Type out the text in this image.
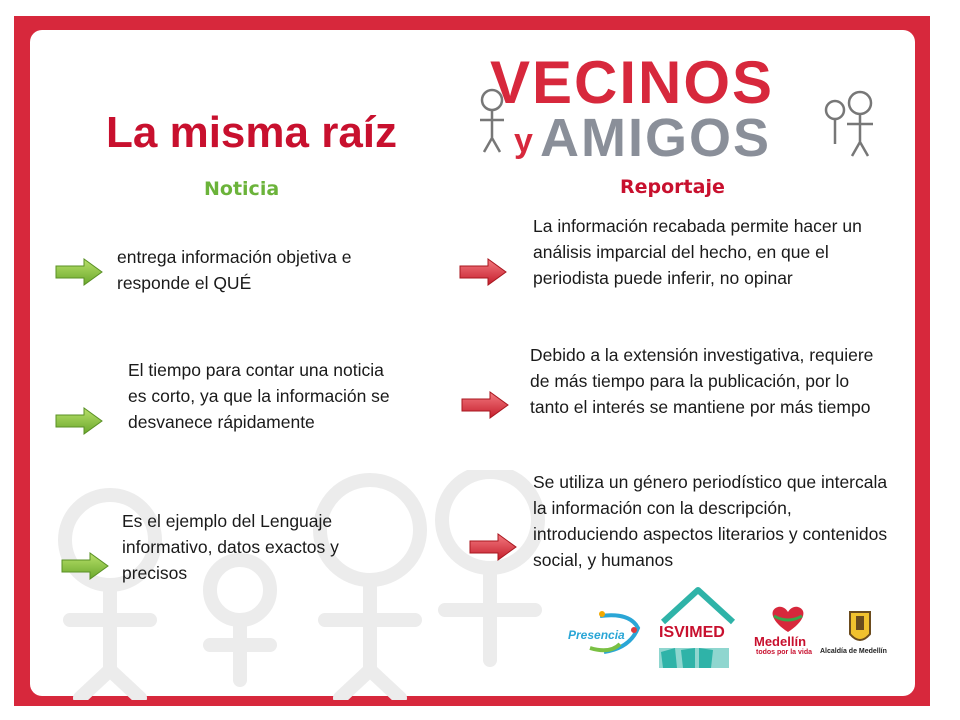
La misma raíz
VECINOS
AMIGOS
y
Noticia	Reportaje
entrega información objetiva e responde el QUÉ
El tiempo para contar una noticia es corto, ya que la información se desvanece rápidamente
Es el ejemplo del Lenguaje informativo, datos exactos y precisos
La información recabada permite hacer un análisis imparcial del hecho, en que el periodista puede inferir, no opinar
Debido a la extensión investigativa, requiere de más tiempo para la publicación, por lo tanto el interés se mantiene por más tiempo
Se utiliza un género periodístico que intercala la información con la descripción, introduciendo aspectos literarios y contenidos social, y humanos
Presencia ISVIMED
Medellín
todos por la vida Alcaldía de Medellín
